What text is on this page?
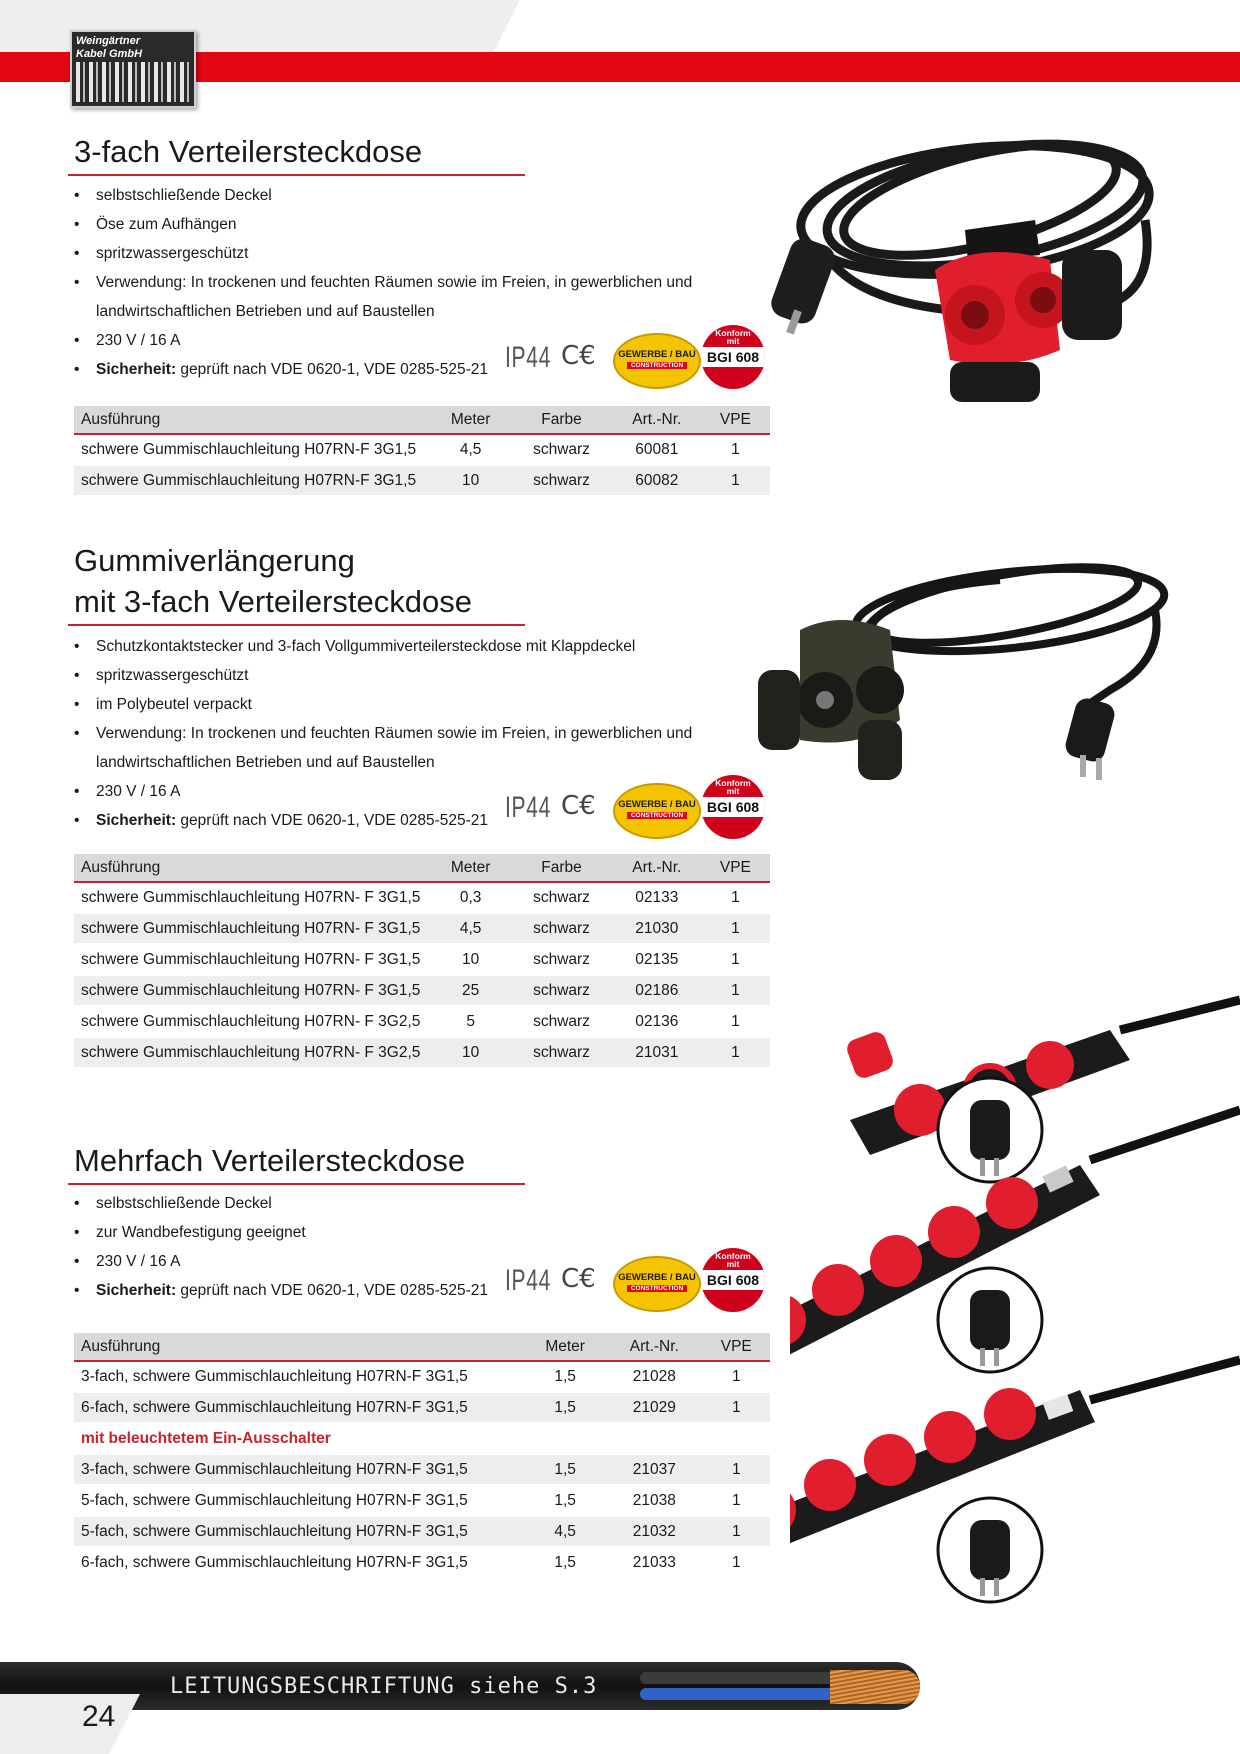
Weingärtner
Kabel GmbH
3-fach Verteilersteckdose
• selbstschließende Deckel
• Öse zum Aufhängen
• spritzwassergeschützt
• Verwendung: In trockenen und feuchten Räumen sowie im Freien, in gewerblichen und
landwirtschaftlichen Betrieben und auf Baustellen
• 230 V / 16 A
• Sicherheit: geprüft nach VDE 0620-1, VDE 0285-525-21 IP44 C€	GEWERBE / BAU
CONSTRUCTION
Konform
mit
BGI 608
Ausführung	Meter	Farbe	Art.-Nr.	VPE
schwere Gummischlauchleitung H07RN-F 3G1,5	4,5	schwarz	60081	1
schwere Gummischlauchleitung H07RN-F 3G1,5	10	schwarz	60082	1
Gummiverlängerung
mit 3-fach Verteilersteckdose
• Schutzkontaktstecker und 3-fach Vollgummiverteilersteckdose mit Klappdeckel
• spritzwassergeschützt
• im Polybeutel verpackt
• Verwendung: In trockenen und feuchten Räumen sowie im Freien, in gewerblichen und
landwirtschaftlichen Betrieben und auf Baustellen
• 230 V / 16 A
• Sicherheit: geprüft nach VDE 0620-1, VDE 0285-525-21 IP44 C€	GEWERBE / BAU
CONSTRUCTION
Konform
mit
BGI 608
Ausführung	Meter	Farbe	Art.-Nr.	VPE
schwere Gummischlauchleitung H07RN- F 3G1,5	0,3	schwarz	02133	1
schwere Gummischlauchleitung H07RN- F 3G1,5	4,5	schwarz	21030	1
schwere Gummischlauchleitung H07RN- F 3G1,5	10	schwarz	02135	1
schwere Gummischlauchleitung H07RN- F 3G1,5	25	schwarz	02186	1
schwere Gummischlauchleitung H07RN- F 3G2,5	5	schwarz	02136	1
schwere Gummischlauchleitung H07RN- F 3G2,5	10	schwarz	21031	1
Mehrfach Verteilersteckdose
• selbstschließende Deckel
• zur Wandbefestigung geeignet
• 230 V / 16 A
• Sicherheit: geprüft nach VDE 0620-1, VDE 0285-525-21 IP44 C€	GEWERBE / BAU
CONSTRUCTION
Konform
mit
BGI 608
Ausführung	Meter	Art.-Nr.	VPE
3-fach, schwere Gummischlauchleitung H07RN-F 3G1,5	1,5	21028	1
6-fach, schwere Gummischlauchleitung H07RN-F 3G1,5	1,5	21029	1
mit beleuchtetem Ein-Ausschalter			
3-fach, schwere Gummischlauchleitung H07RN-F 3G1,5	1,5	21037	1
5-fach, schwere Gummischlauchleitung H07RN-F 3G1,5	1,5	21038	1
5-fach, schwere Gummischlauchleitung H07RN-F 3G1,5	4,5	21032	1
6-fach, schwere Gummischlauchleitung H07RN-F 3G1,5	1,5	21033	1
LEITUNGSBESCHRIFTUNG siehe S.3
24
